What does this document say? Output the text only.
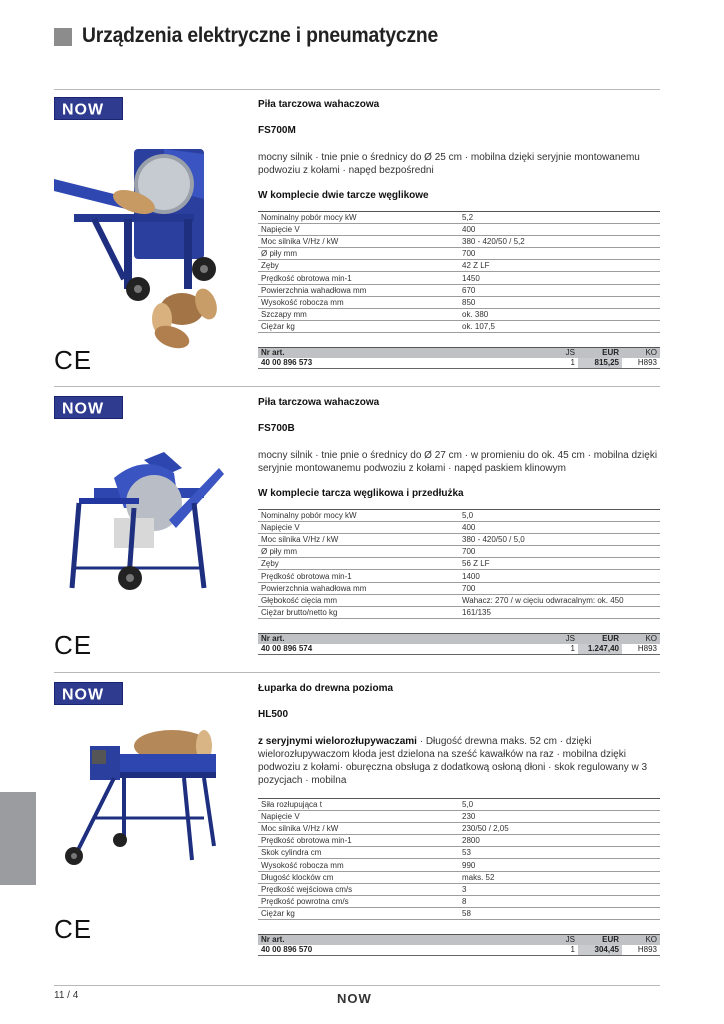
Urządzenia elektryczne i pneumatyczne
NOW
CE
Piła tarczowa wahaczowa
FS700M
mocny silnik · tnie pnie o średnicy do Ø 25 cm · mobilna dzięki seryjnie montowanemu podwoziu z kołami · napęd bezpośredni
W komplecie dwie tarcze węglikowe
Nominalny pobór mocy kW	5,2
Napięcie V	400
Moc silnika V/Hz / kW	380 - 420/50 / 5,2
Ø piły mm	700
Zęby	42 Z LF
Prędkość obrotowa min-1	1450
Powierzchnia wahadłowa mm	670
Wysokość robocza mm	850
Szczapy mm	ok. 380
Ciężar kg	ok. 107,5
Nr art.	JS	EUR	KO
40 00 896 573	1	815,25	H893
NOW
CE
Piła tarczowa wahaczowa
FS700B
mocny silnik · tnie pnie o średnicy do Ø 27 cm · w promieniu do ok. 45 cm · mobilna dzięki seryjnie montowanemu podwoziu z kołami · napęd paskiem klinowym
W komplecie tarcza węglikowa i przedłużka
Nominalny pobór mocy kW	5,0
Napięcie V	400
Moc silnika V/Hz / kW	380 - 420/50 / 5,0
Ø piły mm	700
Zęby	56 Z LF
Prędkość obrotowa min-1	1400
Powierzchnia wahadłowa mm	700
Głębokość cięcia mm	Wahacz: 270 / w cięciu odwracalnym: ok. 450
Ciężar brutto/netto kg	161/135
Nr art.	JS	EUR	KO
40 00 896 574	1	1.247,40	H893
NOW
CE
Łuparka do drewna pozioma
HL500
z seryjnymi wielorozłupywaczami · Długość drewna maks. 52 cm · dzięki wielorozłupywaczom kłoda jest dzielona na sześć kawałków na raz · mobilna dzięki podwoziu z kołami· oburęczna obsługa z dodatkową osłoną dłoni · skok regulowany w 3 pozycjach · mobilna
Siła rozłupująca t	5,0
Napięcie V	230
Moc silnika V/Hz / kW	230/50 / 2,05
Prędkość obrotowa min-1	2800
Skok cylindra cm	53
Wysokość robocza mm	990
Długość klocków cm	maks. 52
Prędkość wejściowa cm/s	3
Prędkość powrotna cm/s	8
Ciężar kg	58
Nr art.	JS	EUR	KO
40 00 896 570	1	304,45	H893
11 / 4	NOW
